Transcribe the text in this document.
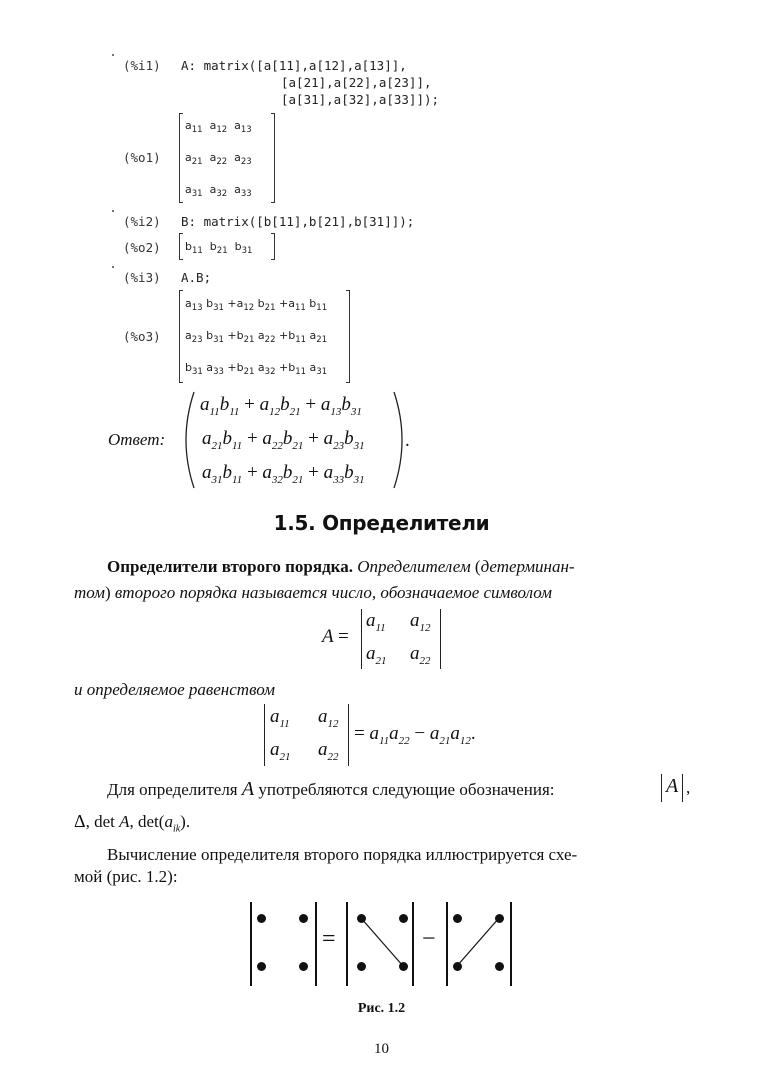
(%i1) A: matrix([a[11],a[12],a[13]],
[a[21],a[22],a[23]],
[a[31],a[32],a[33]]);
(%o1)
$a_{11}$  $a_{12}$  $a_{13}$
$a_{21}$  $a_{22}$  $a_{23}$
$a_{31}$  $a_{32}$  $a_{33}$
(%i2) B: matrix([b[11],b[21],b[31]]);
(%o2) $b_{11}$  $b_{21}$  $b_{31}$
(%i3) A.B;
(%o3)
$a_{13}$ $b_{31} +a_{12}$ $b_{21} +a_{11}$ $b_{11}$
$a_{23}$ $b_{31} +b_{21}$ $a_{22} +b_{11}$ $a_{21}$
$b_{31}$ $a_{33} +b_{21}$ $a_{32} +b_{11}$ $a_{31}$
Ответ:
$a_{11}b_{11} + a_{12}b_{21} + a_{13}b_{31}$
$a_{21}b_{11} + a_{22}b_{21} + a_{23}b_{31}$
$a_{31}b_{11} + a_{32}b_{21} + a_{33}b_{31}$
.
1.5. Определители
Определители второго порядка. Определителем (детерминан-
том) второго порядка называется число, обозначаемое символом
A =
$a_{11}$ $a_{12}$
$a_{21}$ $a_{22}$
и определяемое равенством
$a_{11}$ $a_{12}$
$a_{21}$ $a_{22}$
= $a_{11}a_{22} - a_{21}a_{12}$.
Для определителя A употребляются следующие обозначения:	A ,
Δ, det A, $\det(a_{ik})$.
Вычисление определителя второго порядка иллюстрируется схе-
мой (рис. 1.2):
=	−
Рис. 1.2
10
